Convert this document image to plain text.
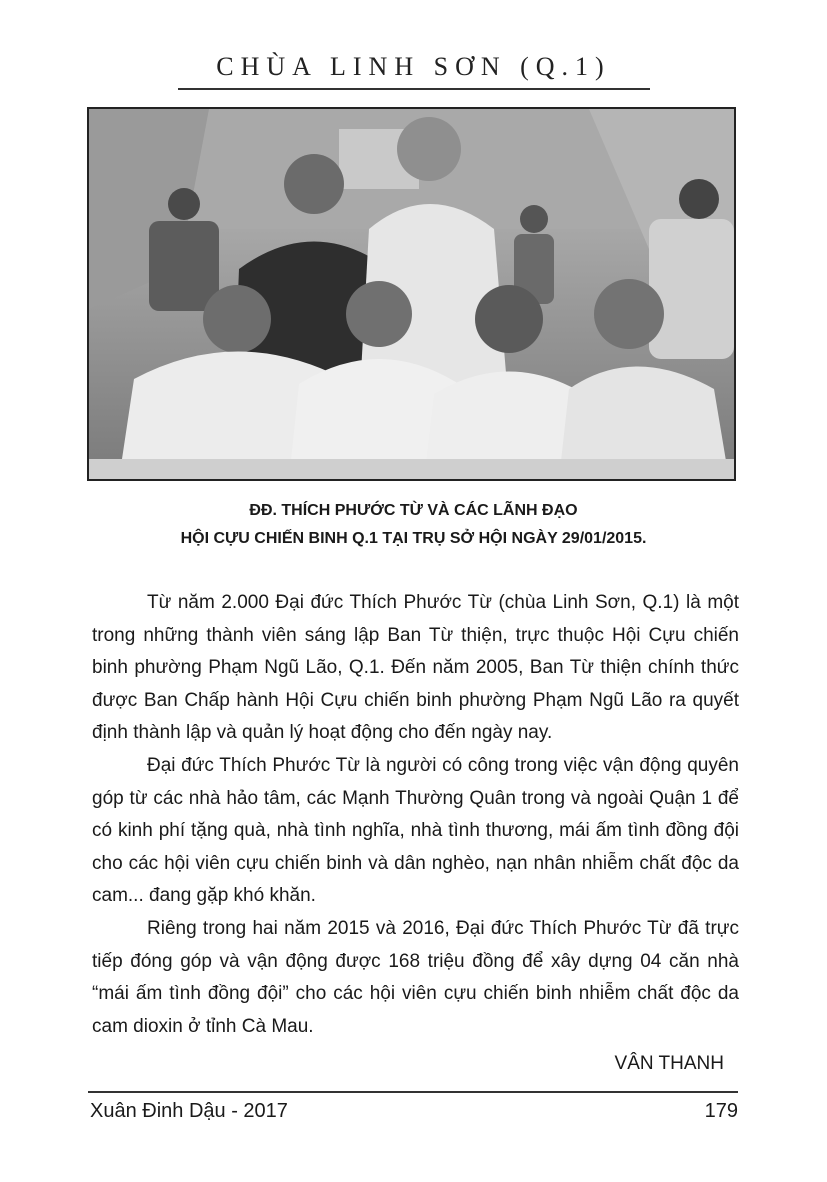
CHÙA LINH SƠN (Q.1)
ĐĐ. THÍCH PHƯỚC TỪ VÀ CÁC LÃNH ĐẠO
HỘI CỰU CHIẾN BINH Q.1 TẠI TRỤ SỞ HỘI NGÀY 29/01/2015.

Từ năm 2.000 Đại đức Thích Phước Từ (chùa Linh Sơn, Q.1) là một trong những thành viên sáng lập Ban Từ thiện, trực thuộc Hội Cựu chiến binh phường Phạm Ngũ Lão, Q.1. Đến năm 2005, Ban Từ thiện chính thức được Ban Chấp hành Hội Cựu chiến binh phường Phạm Ngũ Lão ra quyết định thành lập và quản lý hoạt động cho đến ngày nay.

Đại đức Thích Phước Từ là người có công trong việc vận động quyên góp từ các nhà hảo tâm, các Mạnh Thường Quân trong và ngoài Quận 1 để có kinh phí tặng quà, nhà tình nghĩa, nhà tình thương, mái ấm tình đồng đội cho các hội viên cựu chiến binh và dân nghèo, nạn nhân nhiễm chất độc da cam... đang gặp khó khăn.

Riêng trong hai năm 2015 và 2016, Đại đức Thích Phước Từ đã trực tiếp đóng góp và vận động được 168 triệu đồng để xây dựng 04 căn nhà “mái ấm tình đồng đội” cho các hội viên cựu chiến binh nhiễm chất độc da cam dioxin ở tỉnh Cà Mau.

VÂN THANH
Xuân Đinh Dậu - 2017	179
